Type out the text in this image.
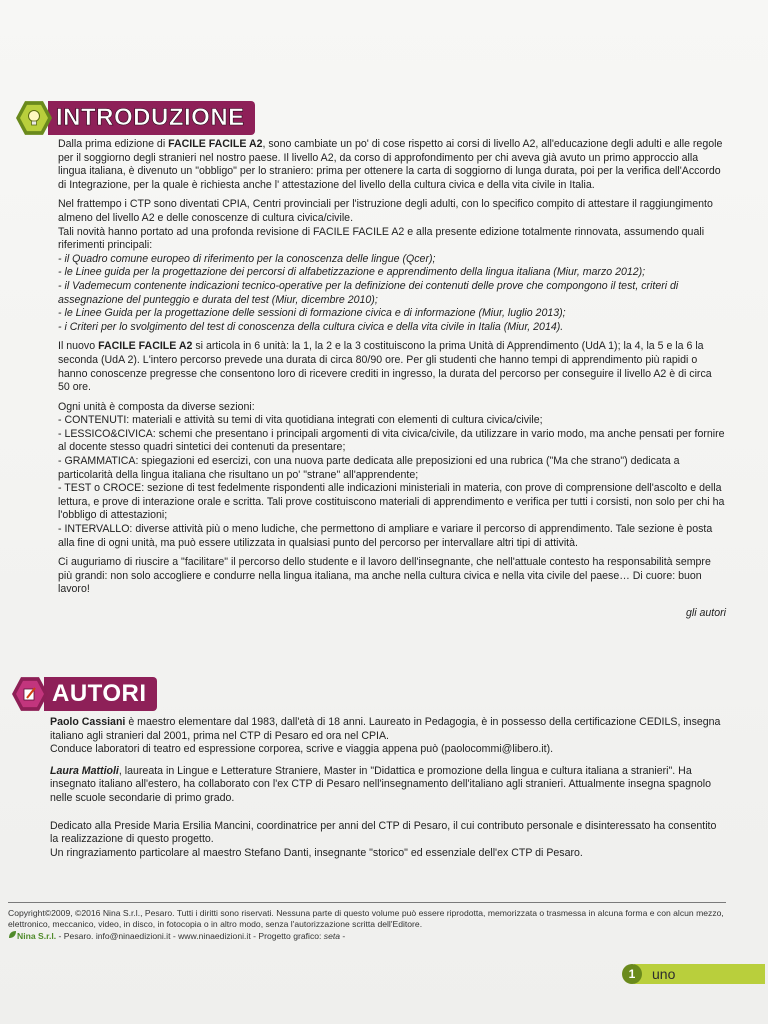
INTRODUZIONE

Dalla prima edizione di FACILE FACILE A2, sono cambiate un po' di cose rispetto ai corsi di livello A2, all'educazione degli adulti e alle regole per il soggiorno degli stranieri nel nostro paese. Il livello A2, da corso di approfondimento per chi aveva già avuto un primo approccio alla lingua italiana, è divenuto un "obbligo" per lo straniero: prima per ottenere la carta di soggiorno di lunga durata, poi per la verifica dell'Accordo di Integrazione, per la quale è richiesta anche l' attestazione del livello della cultura civica e della vita civile in Italia.

Nel frattempo i CTP sono diventati CPIA, Centri provinciali per l'istruzione degli adulti, con lo specifico compito di attestare il raggiungimento almeno del livello A2 e delle conoscenze di cultura civica/civile.
Tali novità hanno portato ad una profonda revisione di FACILE FACILE A2 e alla presente edizione totalmente rinnovata, assumendo quali riferimenti principali:
- il Quadro comune europeo di riferimento per la conoscenza delle lingue (Qcer);
- le Linee guida per la progettazione dei percorsi di alfabetizzazione e apprendimento della lingua italiana (Miur, marzo 2012);
- il Vademecum contenente indicazioni tecnico-operative per la definizione dei contenuti delle prove che compongono il test, criteri di assegnazione del punteggio e durata del test (Miur, dicembre 2010);
- le Linee Guida per la progettazione delle sessioni di formazione civica e di informazione (Miur, luglio 2013);
- i Criteri per lo svolgimento del test di conoscenza della cultura civica e della vita civile in Italia (Miur, 2014).

Il nuovo FACILE FACILE A2 si articola in 6 unità: la 1, la 2 e la 3 costituiscono la prima Unità di Apprendimento (UdA 1); la 4, la 5 e la 6 la seconda (UdA 2). L'intero percorso prevede una durata di circa 80/90 ore. Per gli studenti che hanno tempi di apprendimento più rapidi o hanno conoscenze pregresse che consentono loro di ricevere crediti in ingresso, la durata del percorso per conseguire il livello A2 è di circa 50 ore.

Ogni unità è composta da diverse sezioni:
- CONTENUTI: materiali e attività su temi di vita quotidiana integrati con elementi di cultura civica/civile;
- LESSICO&CIVICA: schemi che presentano i principali argomenti di vita civica/civile, da utilizzare in vario modo, ma anche pensati per fornire al docente stesso quadri sintetici dei contenuti da presentare;
- GRAMMATICA: spiegazioni ed esercizi, con una nuova parte dedicata alle preposizioni ed una rubrica ("Ma che strano") dedicata a particolarità della lingua italiana che risultano un po' "strane" all'apprendente;
- TEST o CROCE: sezione di test fedelmente rispondenti alle indicazioni ministeriali in materia, con prove di comprensione dell'ascolto e della lettura, e prove di interazione orale e scritta. Tali prove costituiscono materiali di apprendimento e verifica per tutti i corsisti, non solo per chi ha l'obbligo di attestazioni;
- INTERVALLO: diverse attività più o meno ludiche, che permettono di ampliare e variare il percorso di apprendimento. Tale sezione è posta alla fine di ogni unità, ma può essere utilizzata in qualsiasi punto del percorso per intervallare altri tipi di attività.

Ci auguriamo di riuscire a "facilitare" il percorso dello studente e il lavoro dell'insegnante, che nell'attuale contesto ha responsabilità sempre più grandi: non solo accogliere e condurre nella lingua italiana, ma anche nella cultura civica e nella vita civile del paese… Di cuore: buon lavoro!

gli autori
AUTORI

Paolo Cassiani è maestro elementare dal 1983, dall'età di 18 anni. Laureato in Pedagogia, è in possesso della certificazione CEDILS, insegna italiano agli stranieri dal 2001, prima nel CTP di Pesaro ed ora nel CPIA.
Conduce laboratori di teatro ed espressione corporea, scrive e viaggia appena può (paolocommi@libero.it).

Laura Mattioli, laureata in Lingue e Letterature Straniere, Master in "Didattica e promozione della lingua e cultura italiana a stranieri". Ha insegnato italiano all'estero, ha collaborato con l'ex CTP di Pesaro nell'insegnamento dell'italiano agli stranieri. Attualmente insegna spagnolo nelle scuole secondarie di primo grado.

Dedicato alla Preside Maria Ersilia Mancini, coordinatrice per anni del CTP di Pesaro, il cui contributo personale e disinteressato ha consentito la realizzazione di questo progetto.

Un ringraziamento particolare al maestro Stefano Danti, insegnante "storico" ed essenziale dell'ex CTP di Pesaro.

Copyright©2009, ©2016 Nina S.r.l., Pesaro. Tutti i diritti sono riservati. Nessuna parte di questo volume può essere riprodotta, memorizzata o trasmessa in alcuna forma e con alcun mezzo, elettronico, meccanico, video, in disco, in fotocopia o in altro modo, senza l'autorizzazione scritta dell'Editore.
Nina S.r.l. - Pesaro. info@ninaedizioni.it - www.ninaedizioni.it - Progetto grafico: seta -
1	uno
